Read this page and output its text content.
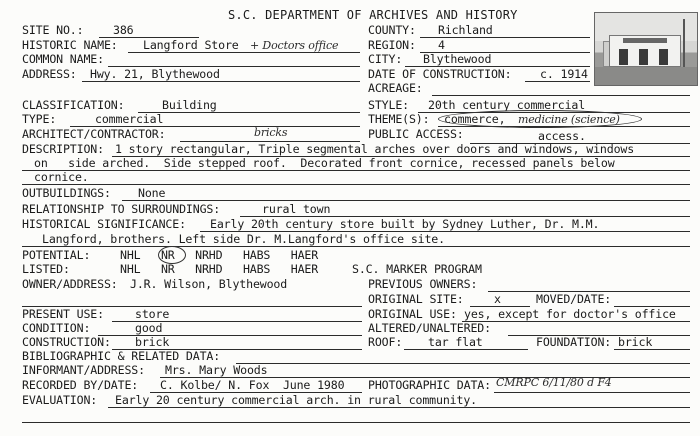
S.C. DEPARTMENT OF ARCHIVES AND HISTORY
SITE NO.:	386	COUNTY: Richland
HISTORIC NAME: Langford Store + Doctors office	REGION: 4
COMMON NAME:	CITY: Blythewood
ADDRESS: Hwy. 21, Blythewood	DATE OF CONSTRUCTION: c. 1914
ACREAGE:
CLASSIFICATION:	Building	STYLE: 20th century commercial
TYPE:	commercial	THEME(S): commerce, medicine (science)
ARCHITECT/CONTRACTOR:	bricks	PUBLIC ACCESS:	access.
DESCRIPTION: 1 story rectangular, Triple segmental arches over doors and windows, windows
on   side arched.  Side stepped roof.  Decorated front cornice, recessed panels below
cornice.
OUTBUILDINGS: None
RELATIONSHIP TO SURROUNDINGS:	rural town
HISTORICAL SIGNIFICANCE: Early 20th century store built by Sydney Luther, Dr. M.M.
Langford, brothers. Left side Dr. M.Langford's office site.
POTENTIAL:	NHL   NR   NRHD   HABS   HAER
LISTED:	NHL   NR   NRHD   HABS   HAER	S.C. MARKER PROGRAM
OWNER/ADDRESS: J.R. Wilson, Blythewood	PREVIOUS OWNERS:
ORIGINAL SITE:	x	MOVED/DATE:
PRESENT USE:	store	ORIGINAL USE: yes, except for doctor's office
CONDITION:	good	ALTERED/UNALTERED:
CONSTRUCTION: brick	ROOF: tar flat	FOUNDATION: brick
BIBLIOGRAPHIC & RELATED DATA:
INFORMANT/ADDRESS: Mrs. Mary Woods
RECORDED BY/DATE: C. Kolbe/ N. Fox  June 1980 PHOTOGRAPHIC DATA: CMRPC 6/11/80 d F4
EVALUATION: Early 20 century commercial arch. in rural community.
